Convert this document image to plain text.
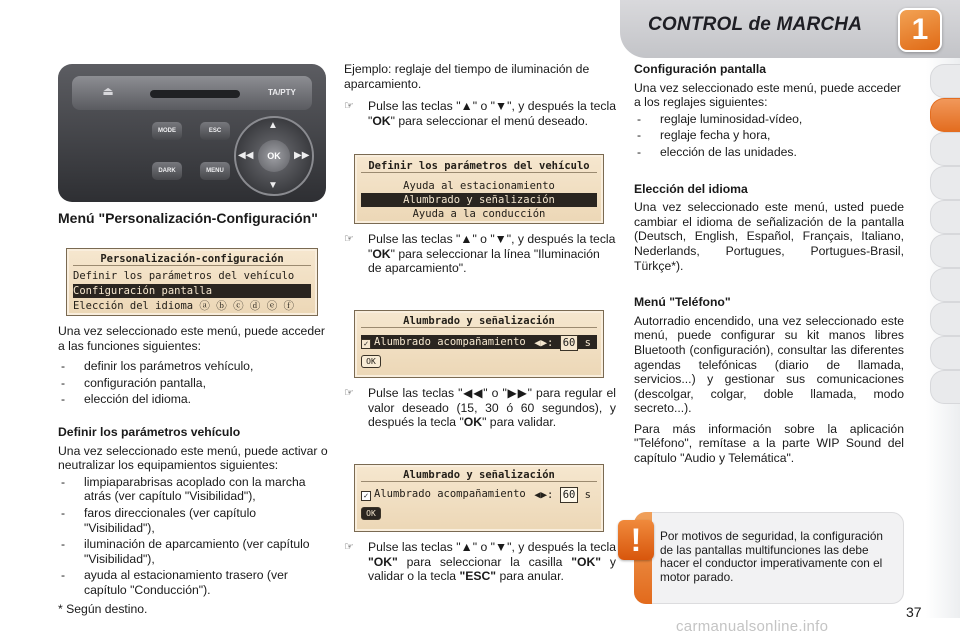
CONTROL de MARCHA	1
⏏	TA/PTY
MODE
DARK
ESC
MENU
OK
▲
▼
◀◀	▶▶
Menú "Personalización-Configuración"
Personalización-configuración
Definir los parámetros del vehículo
Configuración pantalla
Elección del idioma ⓐ ⓑ ⓒ ⓓ ⓔ ⓕ

Una vez seleccionado este menú, puede acceder a las funciones siguientes:

- definir los parámetros vehículo,
- configuración pantalla,
- elección del idioma.
Definir los parámetros vehículo

Una vez seleccionado este menú, puede activar o neutralizar los equipamientos siguientes:

- limpiaparabrisas acoplado con la marcha atrás (ver capítulo "Visibilidad"),
- faros direccionales (ver capítulo "Visibilidad"),
- iluminación de aparcamiento (ver capítulo "Visibilidad"),
- ayuda al estacionamiento trasero (ver capítulo "Conducción").

* Según destino.

Ejemplo: reglaje del tiempo de iluminación de aparcamiento.

☞ Pulse las teclas "▲" o "▼", y después la tecla "OK" para seleccionar el menú deseado.
Definir los parámetros del vehículo
Ayuda al estacionamiento
Alumbrado y señalización
Ayuda a la conducción
☞ Pulse las teclas "▲" o "▼", y después la tecla "OK" para seleccionar la línea "Iluminación de aparcamiento".
Alumbrado y señalización
✓ Alumbrado acompañamiento ◀▶: 60 s
OK
☞ Pulse las teclas "◀◀" o "▶▶" para regular el valor deseado (15, 30 ó 60 segundos), y después la tecla "OK" para validar.
Alumbrado y señalización
✓ Alumbrado acompañamiento ◀▶: 60 s
OK
☞ Pulse las teclas "▲" o "▼", y después la tecla "OK" para seleccionar la casilla "OK" y validar o la tecla "ESC" para anular.
Configuración pantalla

Una vez seleccionado este menú, puede acceder a los reglajes siguientes:

- reglaje luminosidad-vídeo,
- reglaje fecha y hora,
- elección de las unidades.
Elección del idioma

Una vez seleccionado este menú, usted puede cambiar el idioma de señalización de la pantalla (Deutsch, English, Español, Français, Italiano, Nederlands, Portugues, Portugues-Brasil, Türkçe*).

Menú "Teléfono"

Autorradio encendido, una vez seleccionado este menú, puede configurar su kit manos libres Bluetooth (configuración), consultar las diferentes agendas telefónicas (diario de llamada, servicios...) y gestionar sus comunicaciones (descolgar, colgar, doble llamada, modo secreto...).

Para más información sobre la aplicación "Teléfono", remítase a la parte WIP Sound del capítulo "Audio y Telemática".

!	Por motivos de seguridad, la configuración de las pantallas multifunciones las debe hacer el conductor imperativamente con el motor parado.
37
carmanualsonline.info
